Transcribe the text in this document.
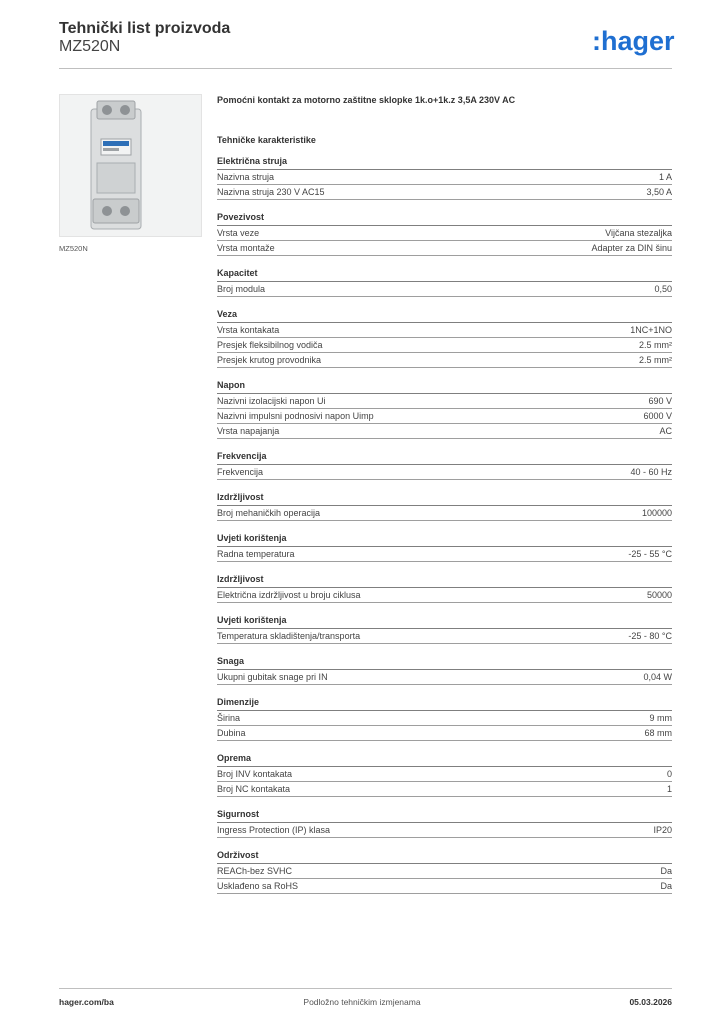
Tehnički list proizvoda
MZ520N	:hager
MZ520N
Pomoćni kontakt za motorno zaštitne sklopke 1k.o+1k.z 3,5A 230V AC
Tehničke karakteristike
Električna struja
Nazivna struja	1 A
Nazivna struja 230 V AC15	3,50 A
Povezivost
Vrsta veze	Vijčana stezaljka
Vrsta montaže	Adapter za DIN šinu
Kapacitet
Broj modula	0,50
Veza
Vrsta kontakata	1NC+1NO
Presjek fleksibilnog vodiča	2.5 mm²
Presjek krutog provodnika	2.5 mm²
Napon
Nazivni izolacijski napon Ui	690 V
Nazivni impulsni podnosivi napon Uimp	6000 V
Vrsta napajanja	AC
Frekvencija
Frekvencija	40 - 60 Hz
Izdržljivost
Broj mehaničkih operacija	100000
Uvjeti korištenja
Radna temperatura	-25 - 55 °C
Izdržljivost
Električna izdržljivost u broju ciklusa	50000
Uvjeti korištenja
Temperatura skladištenja/transporta	-25 - 80 °C
Snaga
Ukupni gubitak snage pri IN	0,04 W
Dimenzije
Širina	9 mm
Dubina	68 mm
Oprema
Broj INV kontakata	0
Broj NC kontakata	1
Sigurnost
Ingress Protection (IP) klasa	IP20
Održivost
REACh-bez SVHC	Da
Usklađeno sa RoHS	Da
hager.com/ba	Podložno tehničkim izmjenama	05.03.2026
